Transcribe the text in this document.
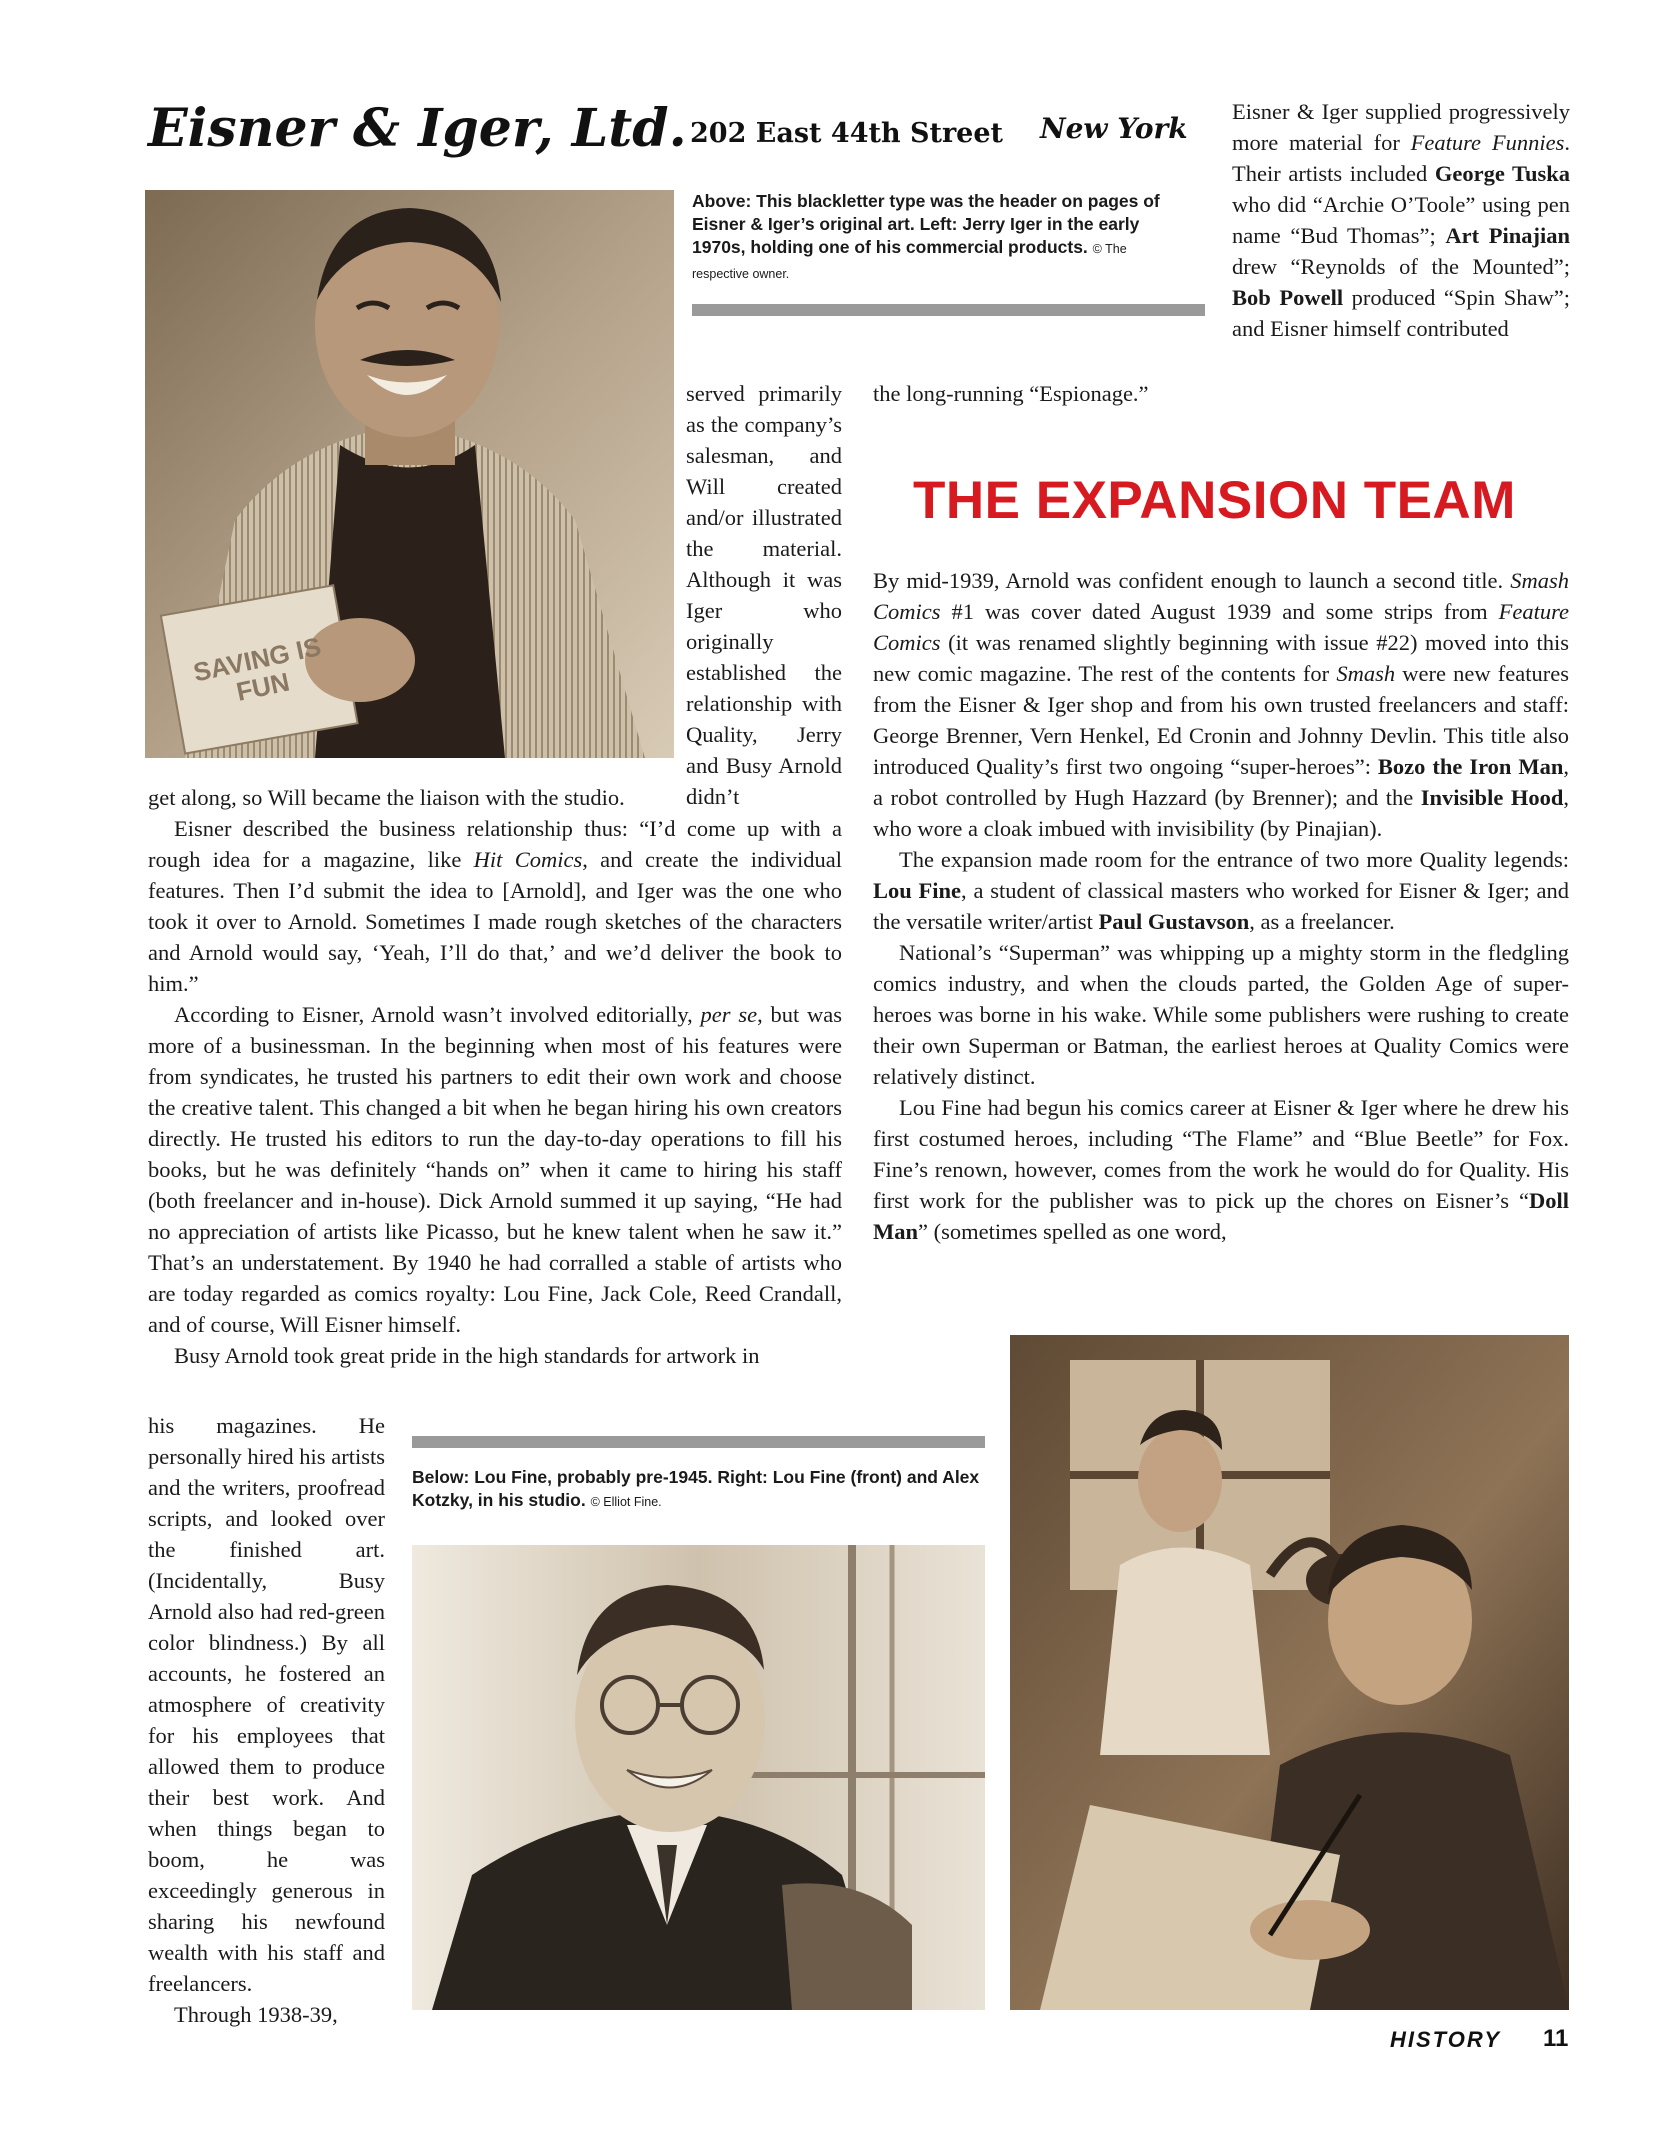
Eisner & Iger, Ltd. 202 East 44th Street New York
SAVING IS FUN
Above: This blackletter type was the header on pages of Eisner & Iger’s original art. Left: Jerry Iger in the early 1970s, holding one of his commercial products. © The respective owner.

served primarily as the company’s salesman, and Will created and/or illustrated the material. Although it was Iger who originally established the relationship with Quality, Jerry and Busy Arnold didn’t

the long-running “Espionage.”

Eisner & Iger supplied progressively more material for Feature Funnies. Their artists included George Tuska who did “Archie O’Toole” using pen name “Bud Thomas”; Art Pinajian drew “Reynolds of the Mounted”; Bob Powell produced “Spin Shaw”; and Eisner himself contributed

THE EXPANSION TEAM

get along, so Will became the liaison with the studio.

Eisner described the business relationship thus: “I’d come up with a rough idea for a magazine, like Hit Comics, and create the individual features. Then I’d submit the idea to [Arnold], and Iger was the one who took it over to Arnold. Sometimes I made rough sketches of the characters and Arnold would say, ‘Yeah, I’ll do that,’ and we’d deliver the book to him.”

According to Eisner, Arnold wasn’t involved editorially, per se, but was more of a businessman. In the beginning when most of his features were from syndicates, he trusted his partners to edit their own work and choose the creative talent. This changed a bit when he began hiring his own creators directly. He trusted his editors to run the day-to-day operations to fill his books, but he was definitely “hands on” when it came to hiring his staff (both freelancer and in-house). Dick Arnold summed it up saying, “He had no appreciation of artists like Picasso, but he knew talent when he saw it.” That’s an understatement. By 1940 he had corralled a stable of artists who are today regarded as comics royalty: Lou Fine, Jack Cole, Reed Crandall, and of course, Will Eisner himself.

Busy Arnold took great pride in the high standards for artwork in

his magazines. He personally hired his artists and the writers, proofread scripts, and looked over the finished art. (Incidentally, Busy Arnold also had red-green color blindness.) By all accounts, he fostered an atmosphere of creativity for his employees that allowed them to produce their best work. And when things began to boom, he was exceedingly generous in sharing his newfound wealth with his staff and freelancers.

Through 1938-39,

By mid-1939, Arnold was confident enough to launch a second title. Smash Comics #1 was cover dated August 1939 and some strips from Feature Comics (it was renamed slightly beginning with issue #22) moved into this new comic magazine. The rest of the contents for Smash were new features from the Eisner & Iger shop and from his own trusted freelancers and staff: George Brenner, Vern Henkel, Ed Cronin and Johnny Devlin. This title also introduced Quality’s first two ongoing “super-heroes”: Bozo the Iron Man, a robot controlled by Hugh Hazzard (by Brenner); and the Invisible Hood, who wore a cloak imbued with invisibility (by Pinajian).

The expansion made room for the entrance of two more Quality legends: Lou Fine, a student of classical masters who worked for Eisner & Iger; and the versatile writer/artist Paul Gustavson, as a freelancer.

National’s “Superman” was whipping up a mighty storm in the fledgling comics industry, and when the clouds parted, the Golden Age of super-heroes was borne in his wake. While some publishers were rushing to create their own Superman or Batman, the earliest heroes at Quality Comics were relatively distinct.

Lou Fine had begun his comics career at Eisner & Iger where he drew his first costumed heroes, including “The Flame” and “Blue Beetle” for Fox. Fine’s renown, however, comes from the work he would do for Quality. His first work for the publisher was to pick up the chores on Eisner’s “Doll Man” (sometimes spelled as one word,

Below: Lou Fine, probably pre-1945. Right: Lou Fine (front) and Alex Kotzky, in his studio. © Elliot Fine.
HISTORY 11
